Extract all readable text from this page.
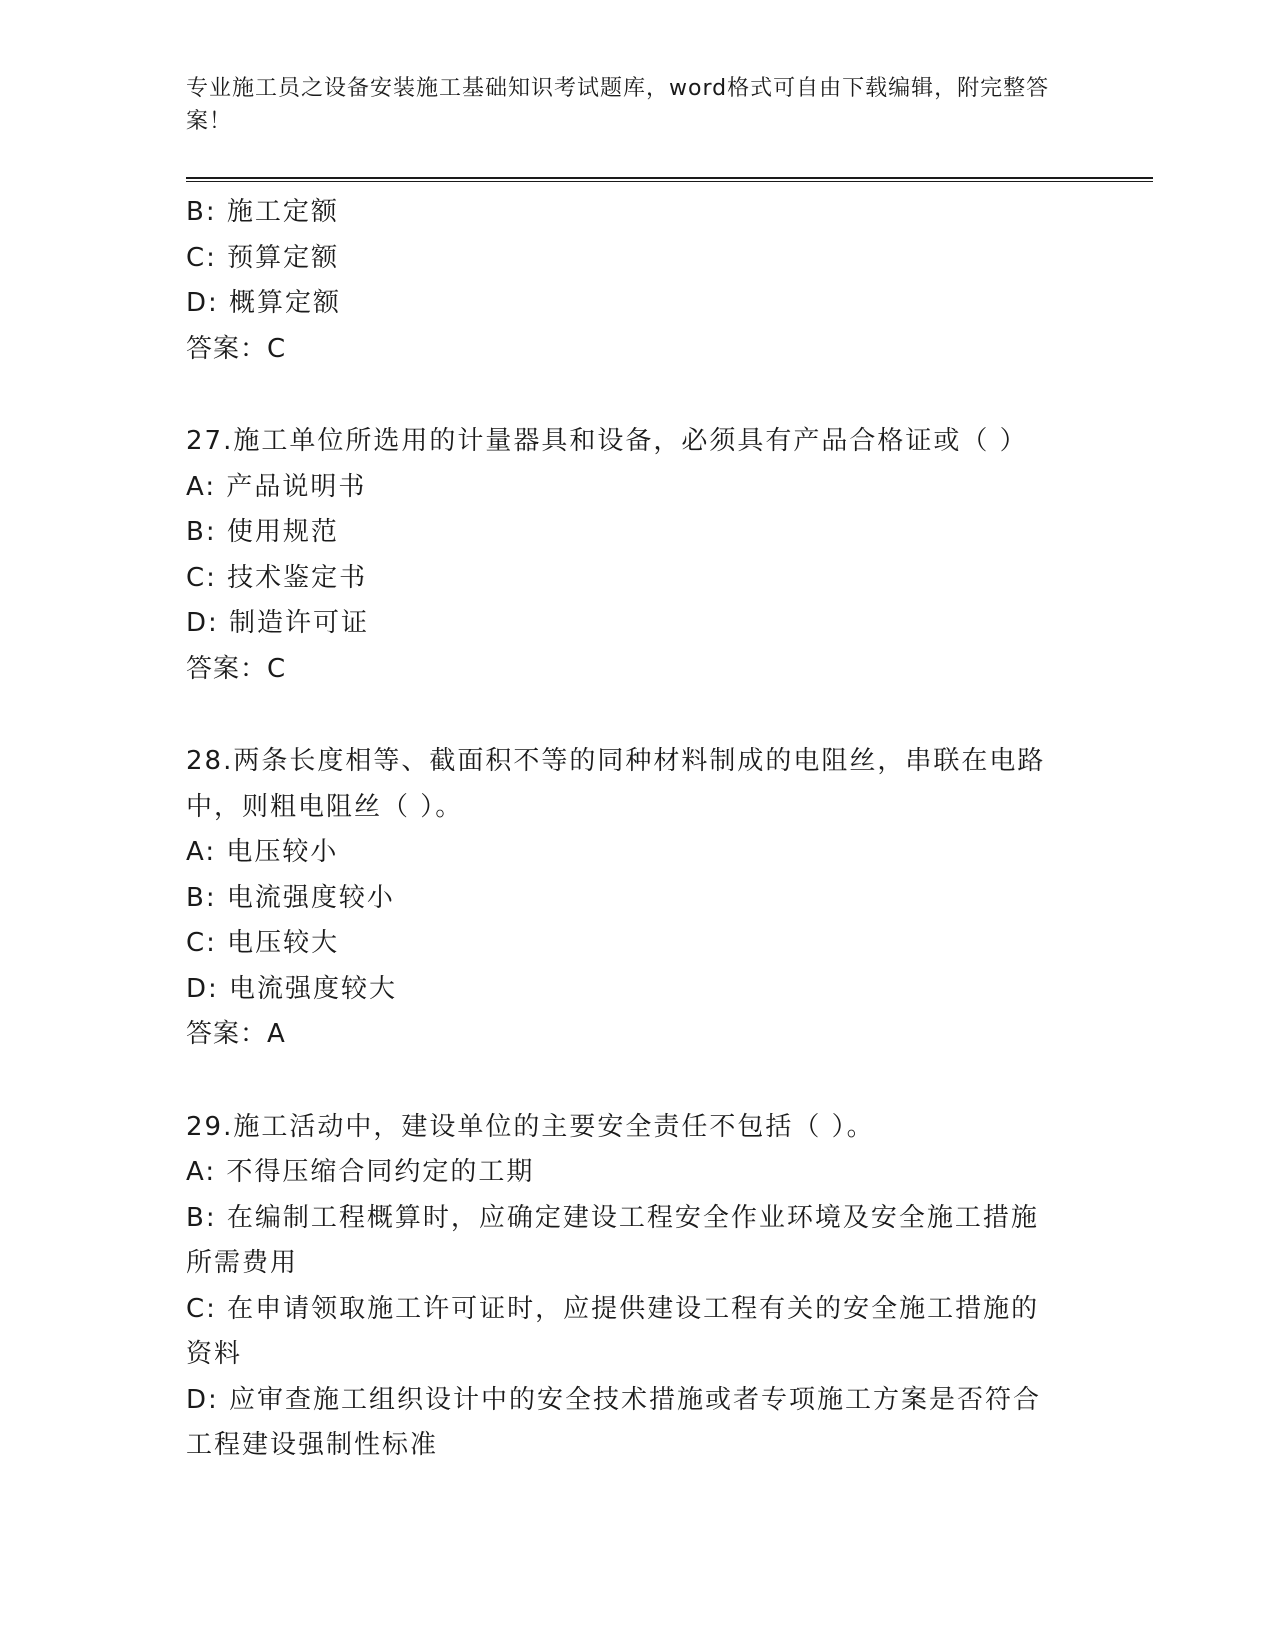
专业施工员之设备安装施工基础知识考试题库，word格式可自由下载编辑，附完整答案！
B: 施工定额
C: 预算定额
D: 概算定额
答案：C
27.施工单位所选用的计量器具和设备，必须具有产品合格证或（ ）
A: 产品说明书
B: 使用规范
C: 技术鉴定书
D: 制造许可证
答案：C
28.两条长度相等、截面积不等的同种材料制成的电阻丝，串联在电路中，则粗电阻丝（ ）。
A: 电压较小
B: 电流强度较小
C: 电压较大
D: 电流强度较大
答案：A
29.施工活动中，建设单位的主要安全责任不包括（ ）。
A: 不得压缩合同约定的工期
B: 在编制工程概算时，应确定建设工程安全作业环境及安全施工措施所需费用
C: 在申请领取施工许可证时，应提供建设工程有关的安全施工措施的资料
D: 应审查施工组织设计中的安全技术措施或者专项施工方案是否符合工程建设强制性标准
